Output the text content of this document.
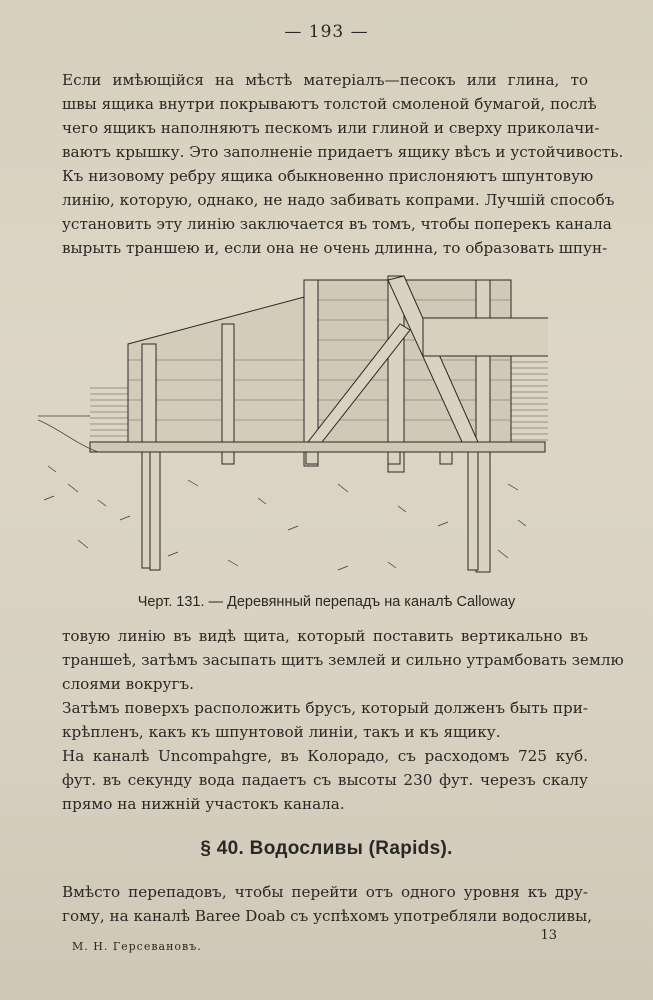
— 193 —
Если имѣющійся на мѣстѣ матеріалъ—песокъ или глина, то
швы ящика внутри покрываютъ толстой смоленой бумагой, послѣ
чего ящикъ наполняютъ пескомъ или глиной и сверху приколачи-
ваютъ крышку. Это заполненіе придаетъ ящику вѣсъ и устойчивость.
Къ низовому ребру ящика обыкновенно прислоняютъ шпунтовую
линію, которую, однако, не надо забивать копрами. Лучшій способъ
установить эту линію заключается въ томъ, чтобы поперекъ канала
вырыть траншею и, если она не очень длинна, то образовать шпун-
Черт. 131. — Деревянный перепадъ на каналѣ Calloway
товую линію въ видѣ щита, который поставить вертикально въ
траншеѣ, затѣмъ засыпать щитъ землей и сильно утрамбовать землю
слоями вокругъ.
Затѣмъ поверхъ расположить брусъ, который долженъ быть при-
крѣпленъ, какъ къ шпунтовой линіи, такъ и къ ящику.
На каналѣ Uncompahgre, въ Колорадо, съ расходомъ 725 куб.
фут. въ секунду вода падаетъ съ высоты 230 фут. черезъ скалу
прямо на нижній участокъ канала.
§ 40. Водосливы (Rapids).
Вмѣсто перепадовъ, чтобы перейти отъ одного уровня къ дру-
гому, на каналѣ Baree Doab съ успѣхомъ употребляли водосливы,
М. Н. Герсевановъ.
13
